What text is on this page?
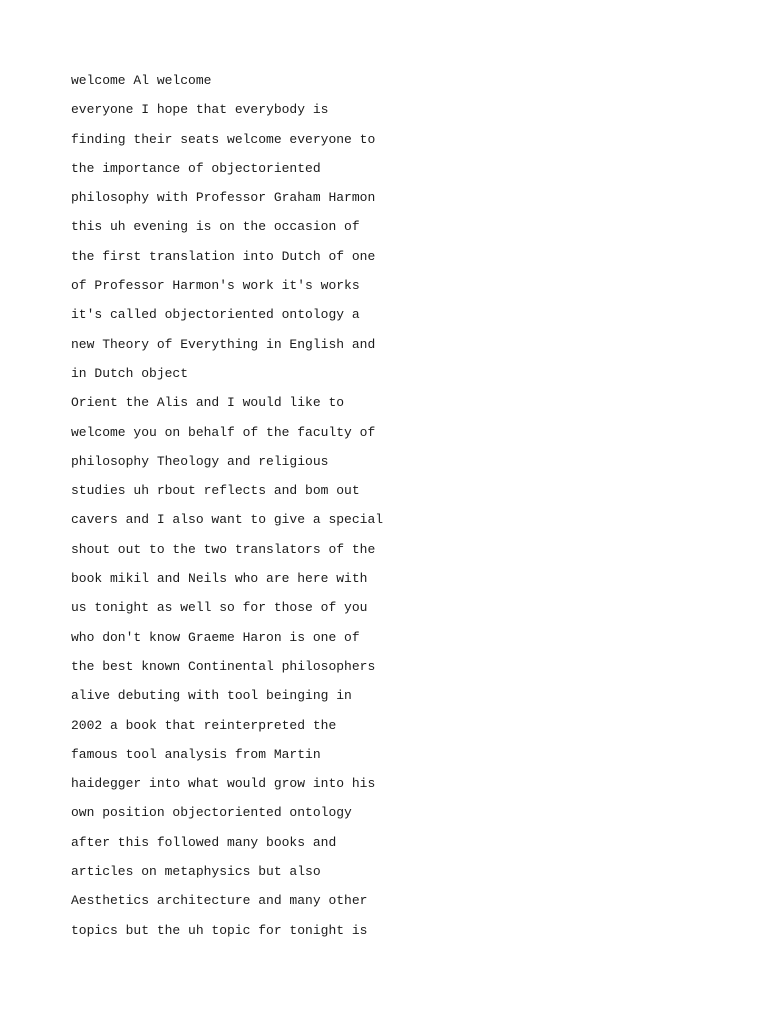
welcome Al welcome
everyone I hope that everybody is
finding their seats welcome everyone to
the importance of objectoriented
philosophy with Professor Graham Harmon
this uh evening is on the occasion of
the first translation into Dutch of one
of Professor Harmon's work it's works
it's called objectoriented ontology a
new Theory of Everything in English and
in Dutch object
Orient the Alis and I would like to
welcome you on behalf of the faculty of
philosophy Theology and religious
studies uh rbout reflects and bom out
cavers and I also want to give a special
shout out to the two translators of the
book mikil and Neils who are here with
us tonight as well so for those of you
who don't know Graeme Haron is one of
the best known Continental philosophers
alive debuting with tool beinging in
2002 a book that reinterpreted the
famous tool analysis from Martin
haidegger into what would grow into his
own position objectoriented ontology
after this followed many books and
articles on metaphysics but also
Aesthetics architecture and many other
topics but the uh topic for tonight is
